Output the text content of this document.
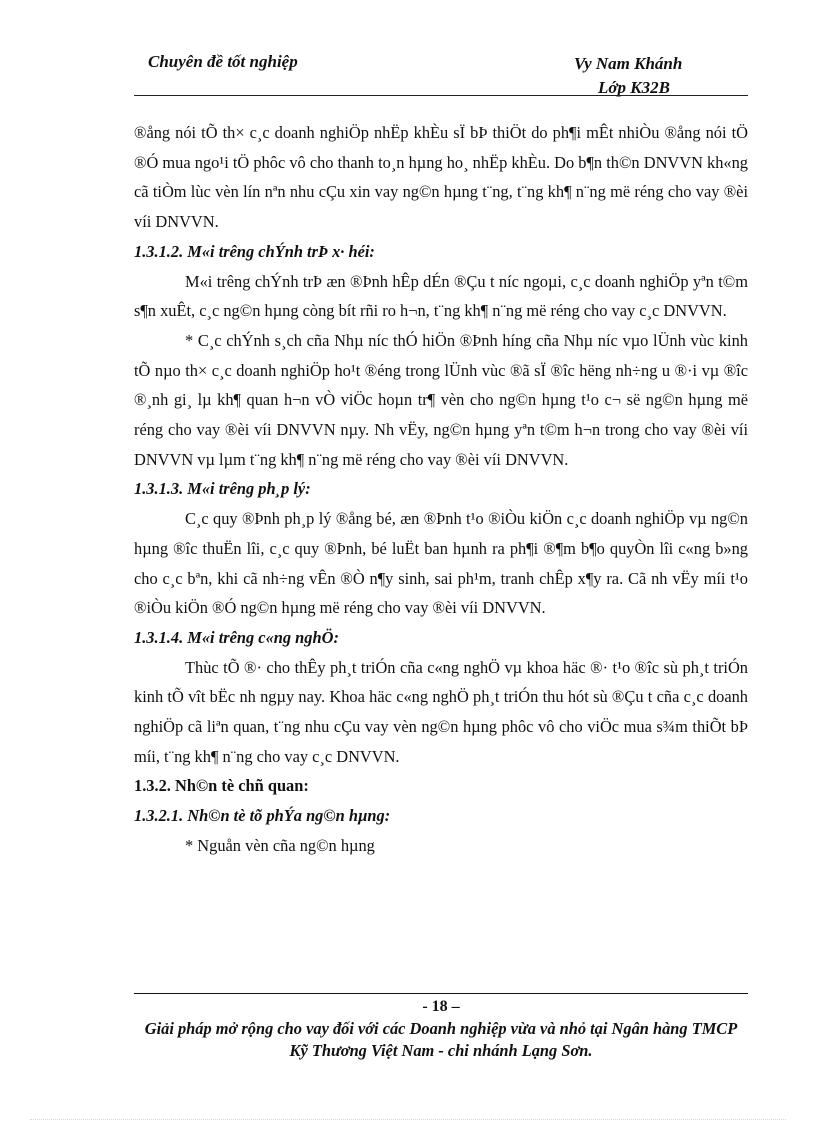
Chuyên đề tốt nghiệp	Vy Nam Khánh
Lớp K32B

®ång nói tÕ th× c¸c doanh nghiÖp nhËp khÈu sÏ bÞ thiÖt do ph¶i mÊt nhiÒu ®ång nói tÖ ®Ó mua ngo¹i tÖ phôc vô cho thanh to¸n hµng ho¸ nhËp khÈu. Do b¶n th©n DNVVN kh«ng cã tiÒm lùc vèn lín nªn nhu cÇu xin vay ng©n hµng t¨ng, t¨ng kh¶ n¨ng më réng cho vay ®èi víi DNVVN.

1.3.1.2. M«i trêng chÝnh trÞ x· héi:

M«i trêng chÝnh trÞ æn ®Þnh hÊp dÉn ®Çu t níc ngoµi, c¸c doanh nghiÖp yªn t©m s¶n xuÊt, c¸c ng©n hµng còng bít rñi ro h¬n, t¨ng kh¶ n¨ng më réng cho vay c¸c DNVVN.

* C¸c chÝnh s¸ch cña Nhµ níc thÓ hiÖn ®Þnh híng cña Nhµ níc vµo lÜnh vùc kinh tÕ nµo th× c¸c doanh nghiÖp ho¹t ®éng trong lÜnh vùc ®ã sÏ ®îc hëng nh÷ng u ®·i vµ ®îc ®¸nh gi¸ lµ kh¶ quan h¬n vÒ viÖc hoµn tr¶ vèn cho ng©n hµng t¹o c¬ së ng©n hµng më réng cho vay ®èi víi DNVVN nµy. Nh vËy, ng©n hµng yªn t©m h¬n trong cho vay ®èi víi DNVVN vµ lµm t¨ng kh¶ n¨ng më réng cho vay ®èi víi DNVVN.

1.3.1.3. M«i trêng ph¸p lý:

C¸c quy ®Þnh ph¸p lý ®ång bé, æn ®Þnh t¹o ®iÒu kiÖn c¸c doanh nghiÖp vµ ng©n hµng ®îc thuËn lîi, c¸c quy ®Þnh, bé luËt ban hµnh ra ph¶i ®¶m b¶o quyÒn lîi c«ng b»ng cho c¸c bªn, khi cã nh÷ng vÊn ®Ò n¶y sinh, sai ph¹m, tranh chÊp x¶y ra. Cã nh vËy míi t¹o ®iÒu kiÖn ®Ó ng©n hµng më réng cho vay ®èi víi DNVVN.

1.3.1.4. M«i trêng c«ng nghÖ:

Thùc tÕ ®· cho thÊy ph¸t triÓn cña c«ng nghÖ vµ khoa häc ®· t¹o ®îc sù ph¸t triÓn kinh tÕ vît bËc nh ngµy nay. Khoa häc c«ng nghÖ ph¸t triÓn thu hót sù ®Çu t cña c¸c doanh nghiÖp cã liªn quan, t¨ng nhu cÇu vay vèn ng©n hµng phôc vô cho viÖc mua s¾m thiÕt bÞ míi, t¨ng kh¶ n¨ng cho vay c¸c DNVVN.

1.3.2. Nh©n tè chñ quan:

1.3.2.1. Nh©n tè tõ phÝa ng©n hµng:

* Nguån vèn cña ng©n hµng

- 18 –
Giải pháp mở rộng cho vay đối với các Doanh nghiệp vừa và nhỏ tại Ngân hàng TMCP Kỹ Thương Việt Nam - chi nhánh Lạng Sơn.
